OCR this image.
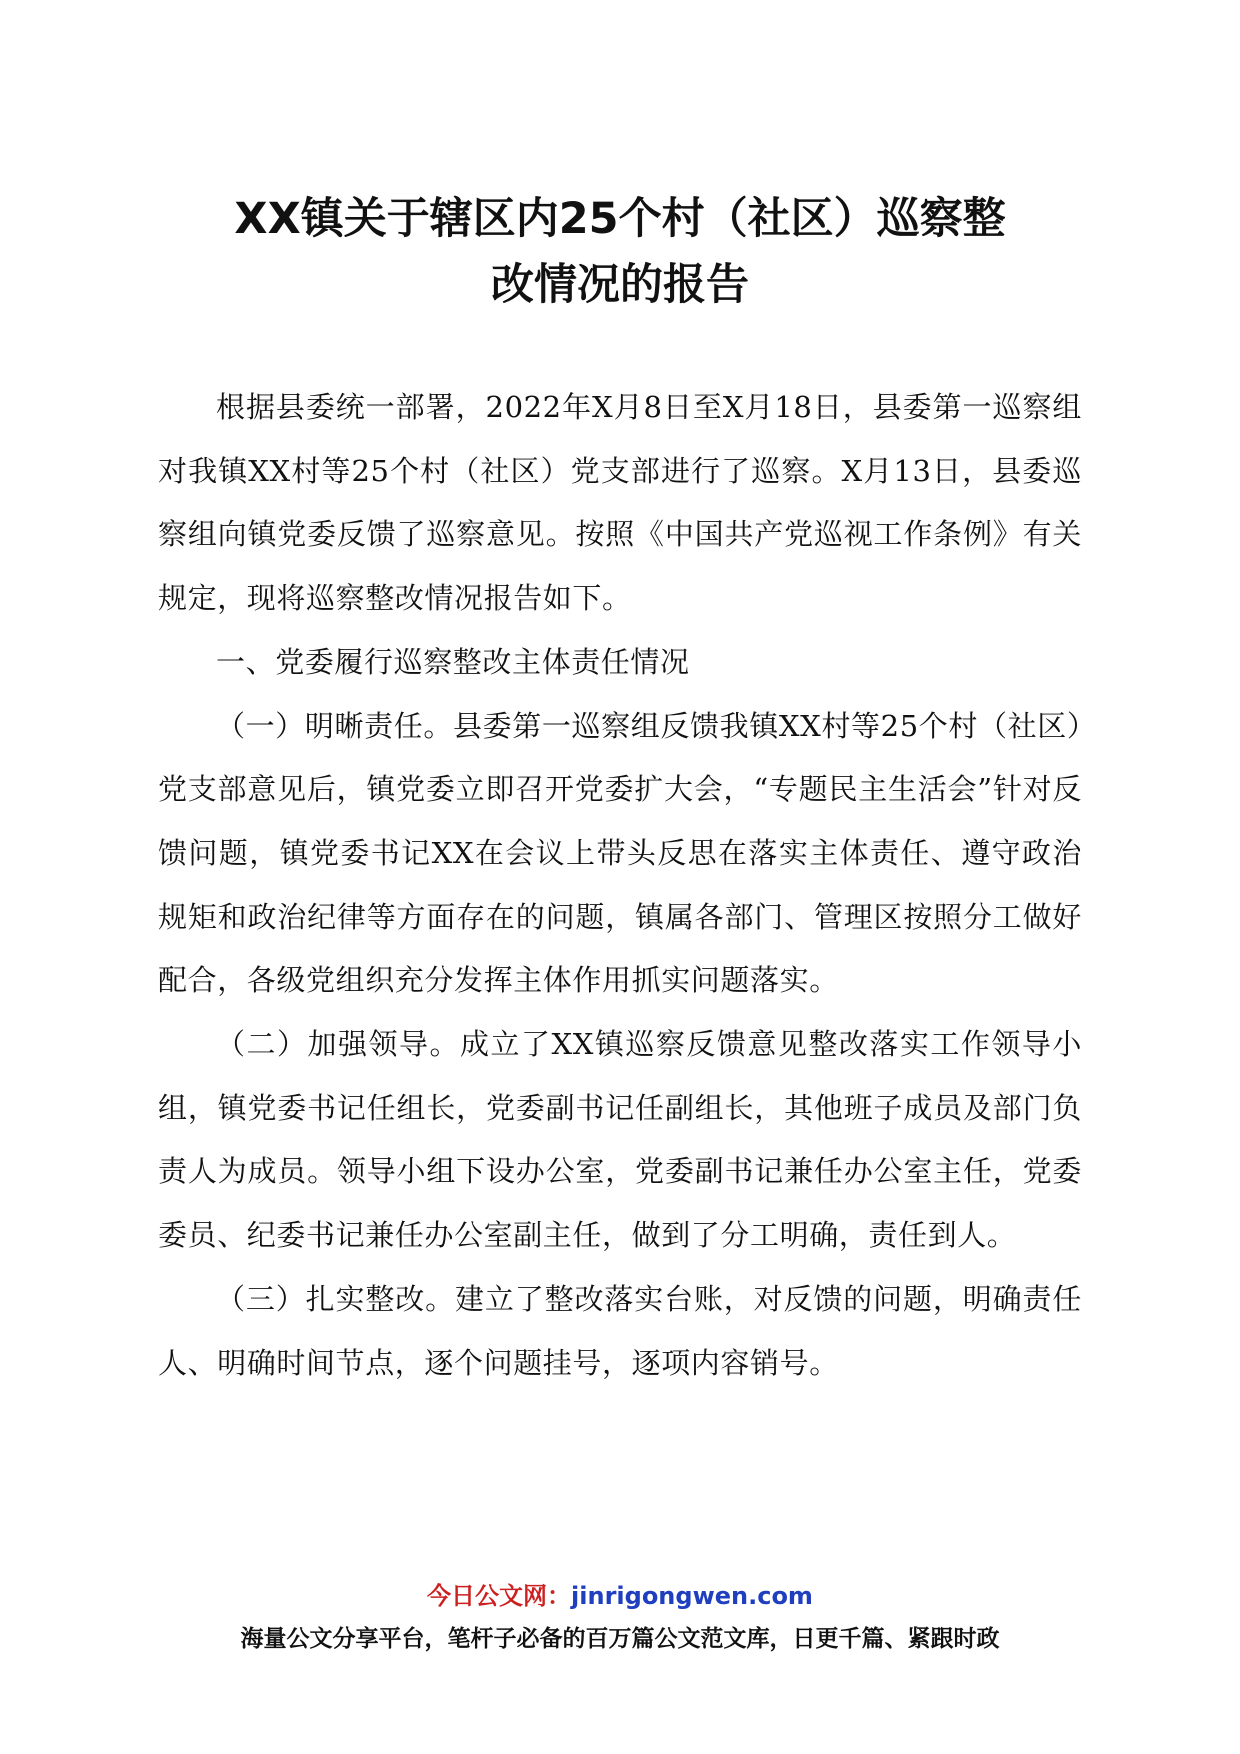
XX镇关于辖区内25个村（社区）巡察整
改情况的报告

根据县委统一部署，2022年X月8日至X月18日，县委第一巡察组对我镇XX村等25个村（社区）党支部进行了巡察。X月13日，县委巡察组向镇党委反馈了巡察意见。按照《中国共产党巡视工作条例》有关规定，现将巡察整改情况报告如下。

一、党委履行巡察整改主体责任情况

（一）明晰责任。县委第一巡察组反馈我镇XX村等25个村（社区）党支部意见后，镇党委立即召开党委扩大会，“专题民主生活会”针对反馈问题，镇党委书记XX在会议上带头反思在落实主体责任、遵守政治规矩和政治纪律等方面存在的问题，镇属各部门、管理区按照分工做好配合，各级党组织充分发挥主体作用抓实问题落实。

（二）加强领导。成立了XX镇巡察反馈意见整改落实工作领导小组，镇党委书记任组长，党委副书记任副组长，其他班子成员及部门负责人为成员。领导小组下设办公室，党委副书记兼任办公室主任，党委委员、纪委书记兼任办公室副主任，做到了分工明确，责任到人。

（三）扎实整改。建立了整改落实台账，对反馈的问题，明确责任人、明确时间节点，逐个问题挂号，逐项内容销号。

今日公文网：jinrigongwen.com
海量公文分享平台，笔杆子必备的百万篇公文范文库，日更千篇、紧跟时政
